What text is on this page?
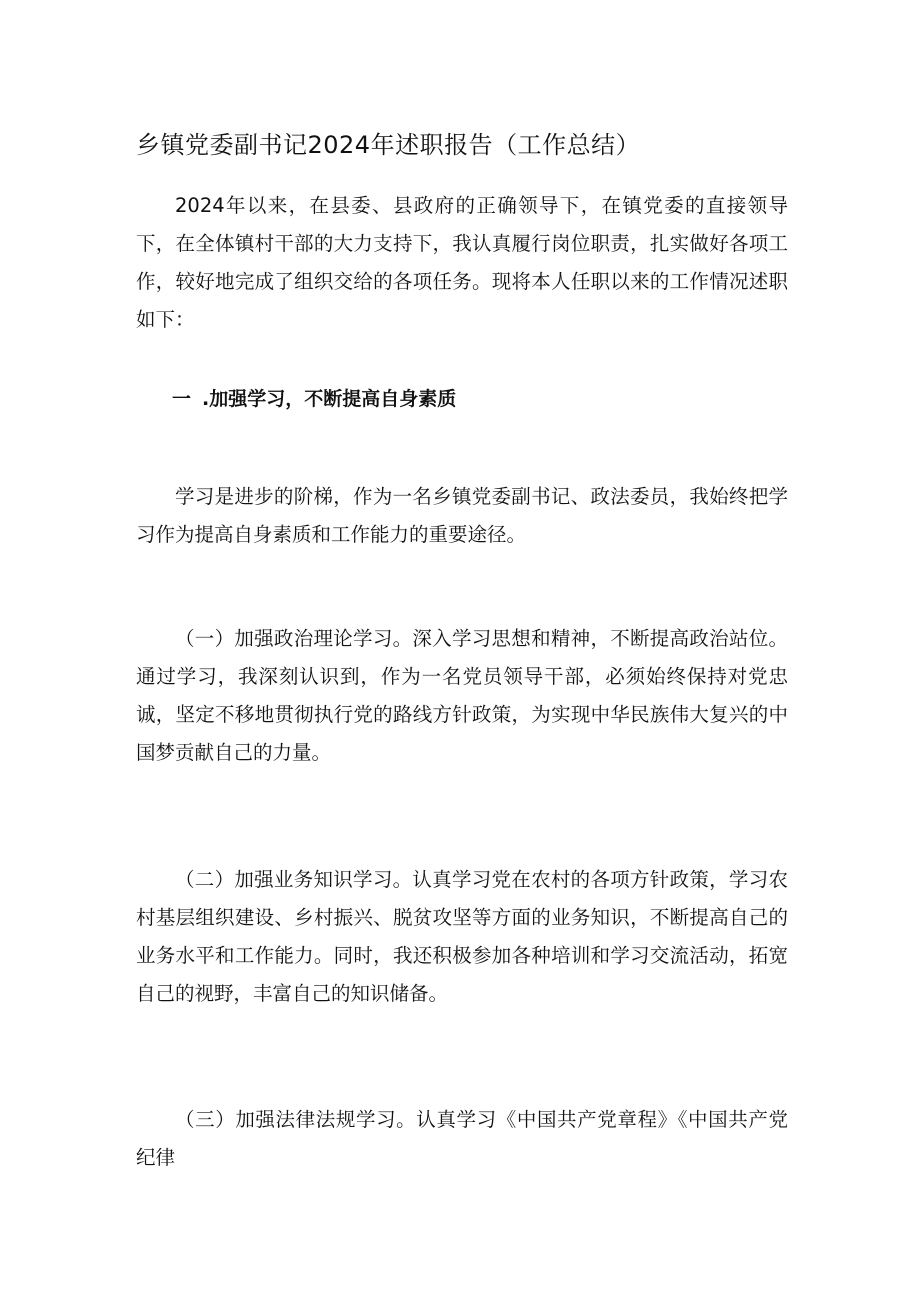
乡镇党委副书记2024年述职报告（工作总结）

2024年以来，在县委、县政府的正确领导下，在镇党委的直接领导下，在全体镇村干部的大力支持下，我认真履行岗位职责，扎实做好各项工作，较好地完成了组织交给的各项任务。现将本人任职以来的工作情况述职如下：

一 .加强学习，不断提高自身素质

学习是进步的阶梯，作为一名乡镇党委副书记、政法委员，我始终把学习作为提高自身素质和工作能力的重要途径。

（一）加强政治理论学习。深入学习思想和精神，不断提高政治站位。通过学习，我深刻认识到，作为一名党员领导干部，必须始终保持对党忠诚，坚定不移地贯彻执行党的路线方针政策，为实现中华民族伟大复兴的中国梦贡献自己的力量。

（二）加强业务知识学习。认真学习党在农村的各项方针政策，学习农村基层组织建设、乡村振兴、脱贫攻坚等方面的业务知识，不断提高自己的业务水平和工作能力。同时，我还积极参加各种培训和学习交流活动，拓宽自己的视野，丰富自己的知识储备。

（三）加强法律法规学习。认真学习《中国共产党章程》《中国共产党纪律
